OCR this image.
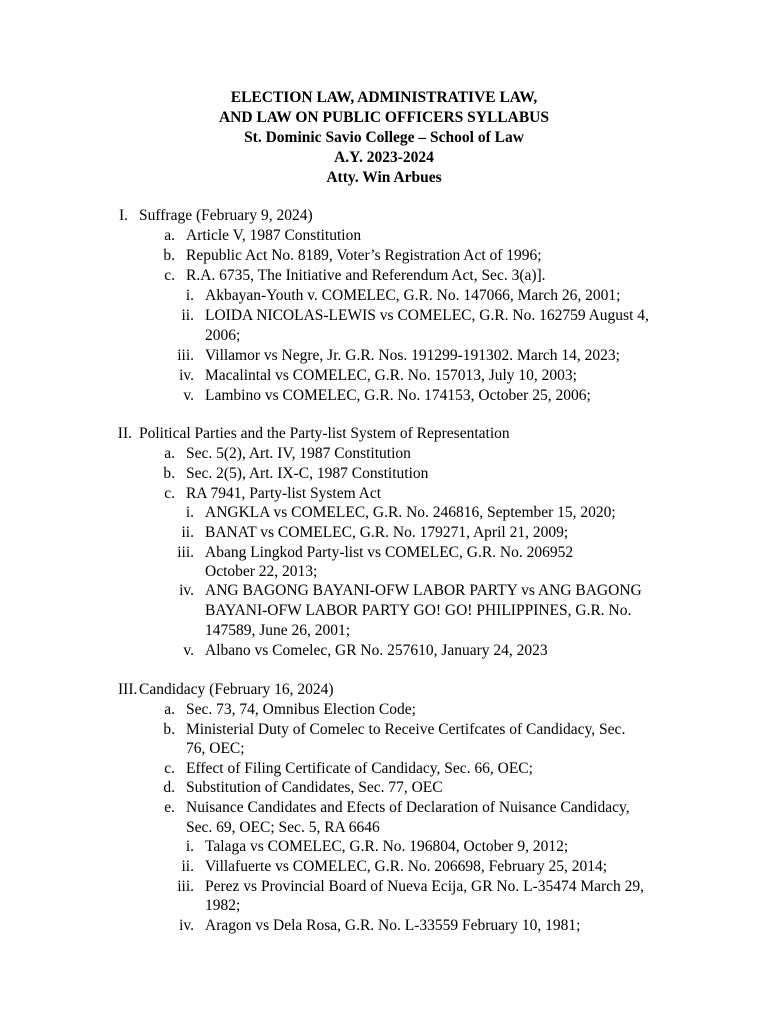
ELECTION LAW, ADMINISTRATIVE LAW,
AND LAW ON PUBLIC OFFICERS SYLLABUS
St. Dominic Savio College – School of Law
A.Y. 2023-2024
Atty. Win Arbues
I. Suffrage (February 9, 2024)
a. Article V, 1987 Constitution
b. Republic Act No. 8189, Voter’s Registration Act of 1996;
c. R.A. 6735, The Initiative and Referendum Act, Sec. 3(a)].
i. Akbayan-Youth v. COMELEC, G.R. No. 147066, March 26, 2001;
ii. LOIDA NICOLAS-LEWIS vs COMELEC, G.R. No. 162759 August 4,
2006;
iii. Villamor vs Negre, Jr. G.R. Nos. 191299-191302. March 14, 2023;
iv. Macalintal vs COMELEC, G.R. No. 157013, July 10, 2003;
v. Lambino vs COMELEC, G.R. No. 174153, October 25, 2006;
II. Political Parties and the Party-list System of Representation
a. Sec. 5(2), Art. IV, 1987 Constitution
b. Sec. 2(5), Art. IX-C, 1987 Constitution
c. RA 7941, Party-list System Act
i. ANGKLA vs COMELEC, G.R. No. 246816, September 15, 2020;
ii. BANAT vs COMELEC, G.R. No. 179271, April 21, 2009;
iii. Abang Lingkod Party-list vs COMELEC, G.R. No. 206952
October 22, 2013;
iv. ANG BAGONG BAYANI-OFW LABOR PARTY vs ANG BAGONG
BAYANI-OFW LABOR PARTY GO! GO! PHILIPPINES, G.R. No.
147589, June 26, 2001;
v. Albano vs Comelec, GR No. 257610, January 24, 2023
III. Candidacy (February 16, 2024)
a. Sec. 73, 74, Omnibus Election Code;
b. Ministerial Duty of Comelec to Receive Certifcates of Candidacy, Sec.
76, OEC;
c. Effect of Filing Certificate of Candidacy, Sec. 66, OEC;
d. Substitution of Candidates, Sec. 77, OEC
e. Nuisance Candidates and Efects of Declaration of Nuisance Candidacy,
Sec. 69, OEC; Sec. 5, RA 6646
i. Talaga vs COMELEC, G.R. No. 196804, October 9, 2012;
ii. Villafuerte vs COMELEC, G.R. No. 206698, February 25, 2014;
iii. Perez vs Provincial Board of Nueva Ecija, GR No. L-35474 March 29,
1982;
iv. Aragon vs Dela Rosa, G.R. No. L-33559 February 10, 1981;
